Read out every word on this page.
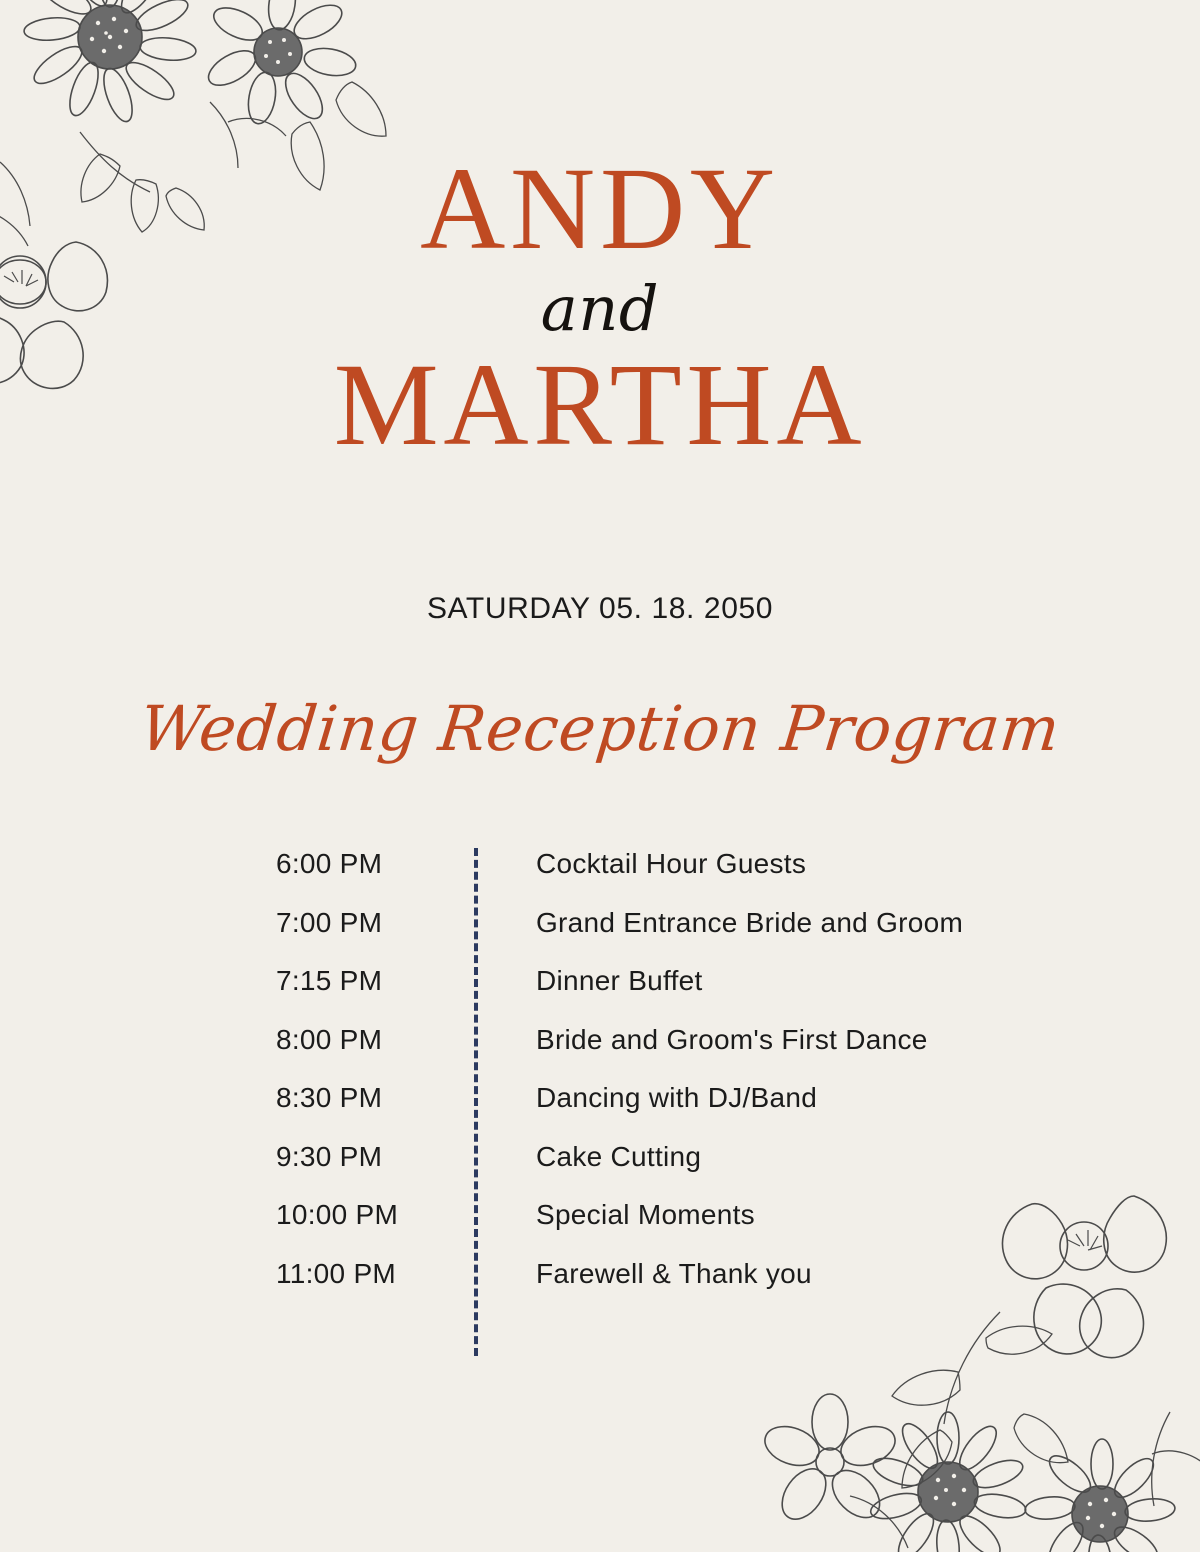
ANDY
and
MARTHA
SATURDAY 05. 18. 2050
Wedding Reception Program
6:00 PM	Cocktail Hour Guests
7:00 PM	Grand Entrance Bride and Groom
7:15 PM	Dinner Buffet
8:00 PM	Bride and Groom's First Dance
8:30 PM	Dancing with DJ/Band
9:30 PM	Cake Cutting
10:00 PM	Special Moments
11:00 PM	Farewell & Thank you
